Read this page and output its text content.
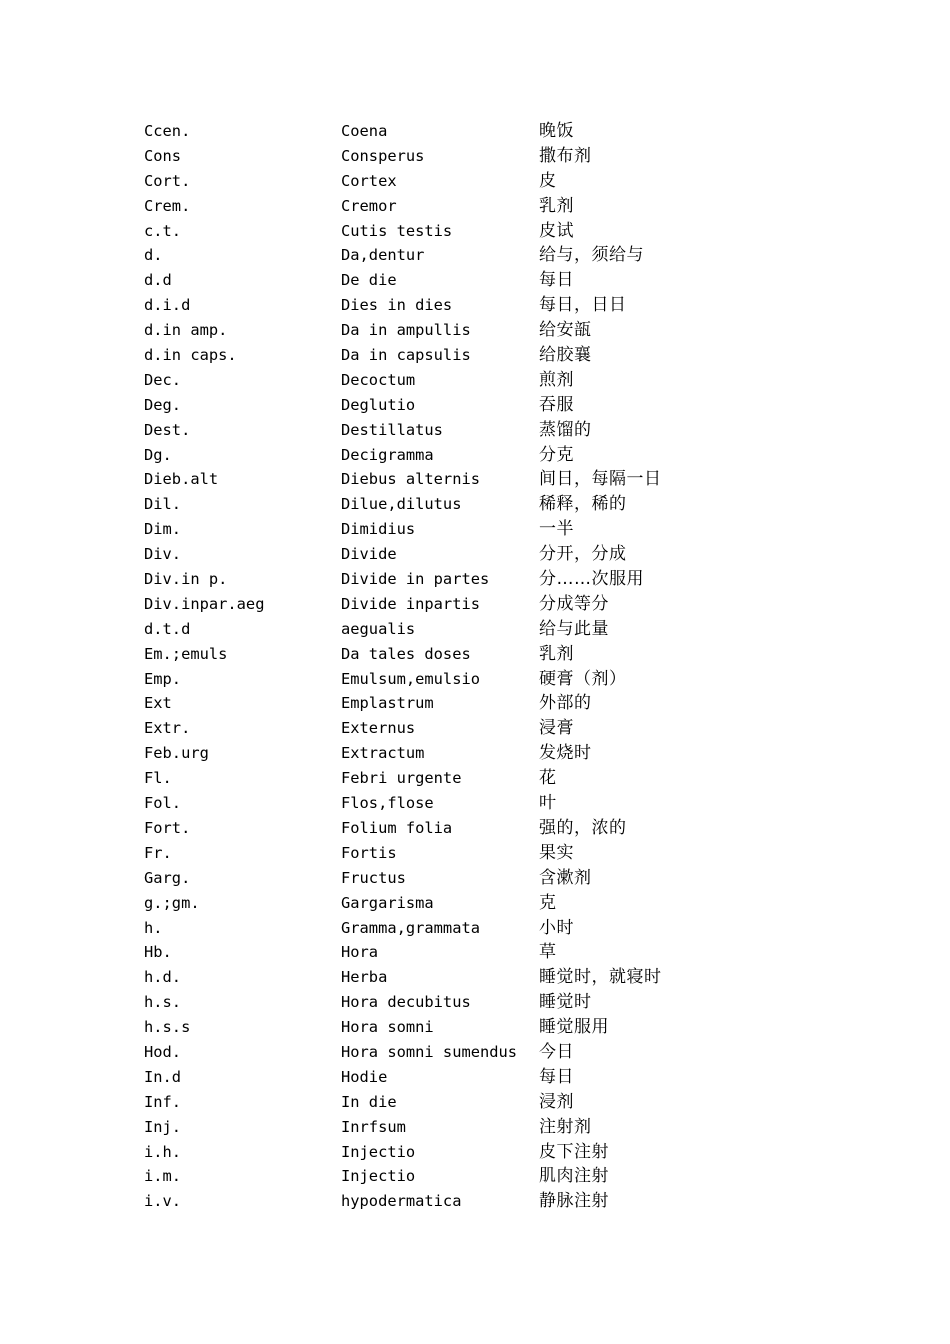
Ccen.	Coena	晚饭
Cons	Consperus	撒布剂
Cort.	Cortex	皮
Crem.	Cremor	乳剂
c.t.	Cutis testis	皮试
d.	Da,dentur	给与，须给与
d.d	De die	每日
d.i.d	Dies in dies	每日，日日
d.in amp.	Da in ampullis	给安瓿
d.in caps.	Da in capsulis	给胶襄
Dec.	Decoctum	煎剂
Deg.	Deglutio	吞服
Dest.	Destillatus	蒸馏的
Dg.	Decigramma	分克
Dieb.alt	Diebus alternis	间日，每隔一日
Dil.	Dilue,dilutus	稀释，稀的
Dim.	Dimidius	一半
Div.	Divide	分开，分成
Div.in p.	Divide in partes	分……次服用
Div.inpar.aeg	Divide inpartis	分成等分
d.t.d	aegualis	给与此量
Em.;emuls	Da tales doses	乳剂
Emp.	Emulsum,emulsio	硬膏（剂）
Ext	Emplastrum	外部的
Extr.	Externus	浸膏
Feb.urg	Extractum	发烧时
Fl.	Febri urgente	花
Fol.	Flos,flose	叶
Fort.	Folium folia	强的，浓的
Fr.	Fortis	果实
Garg.	Fructus	含漱剂
g.;gm.	Gargarisma	克
h.	Gramma,grammata	小时
Hb.	Hora	草
h.d.	Herba	睡觉时，就寝时
h.s.	Hora decubitus	睡觉时
h.s.s	Hora somni	睡觉服用
Hod.	Hora somni sumendus	今日
In.d	Hodie	每日
Inf.	In die	浸剂
Inj.	Inrfsum	注射剂
i.h.	Injectio	皮下注射
i.m.	Injectio	肌肉注射
i.v.	hypodermatica	静脉注射
